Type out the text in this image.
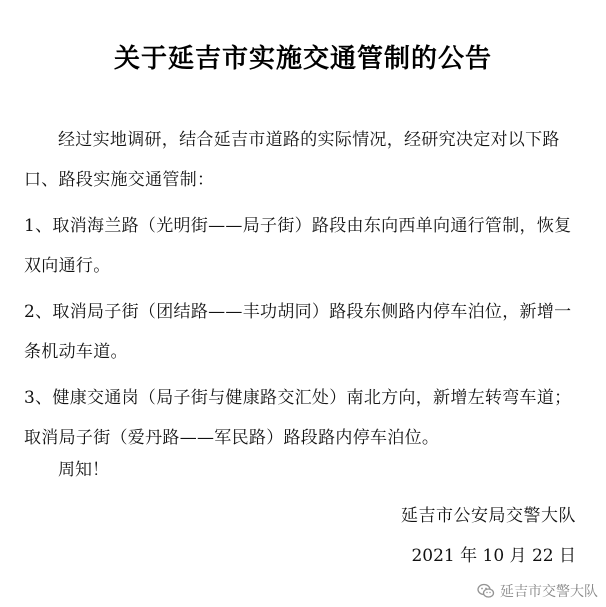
关于延吉市实施交通管制的公告
经过实地调研，结合延吉市道路的实际情况，经研究决定对以下路口、路段实施交通管制：
1、取消海兰路（光明街——局子街）路段由东向西单向通行管制，恢复双向通行。
2、取消局子街（团结路——丰功胡同）路段东侧路内停车泊位，新增一条机动车道。
3、健康交通岗（局子街与健康路交汇处）南北方向，新增左转弯车道；取消局子街（爱丹路——军民路）路段路内停车泊位。
周知！
延吉市公安局交警大队
2021 年 10 月 22 日
延吉市交警大队
